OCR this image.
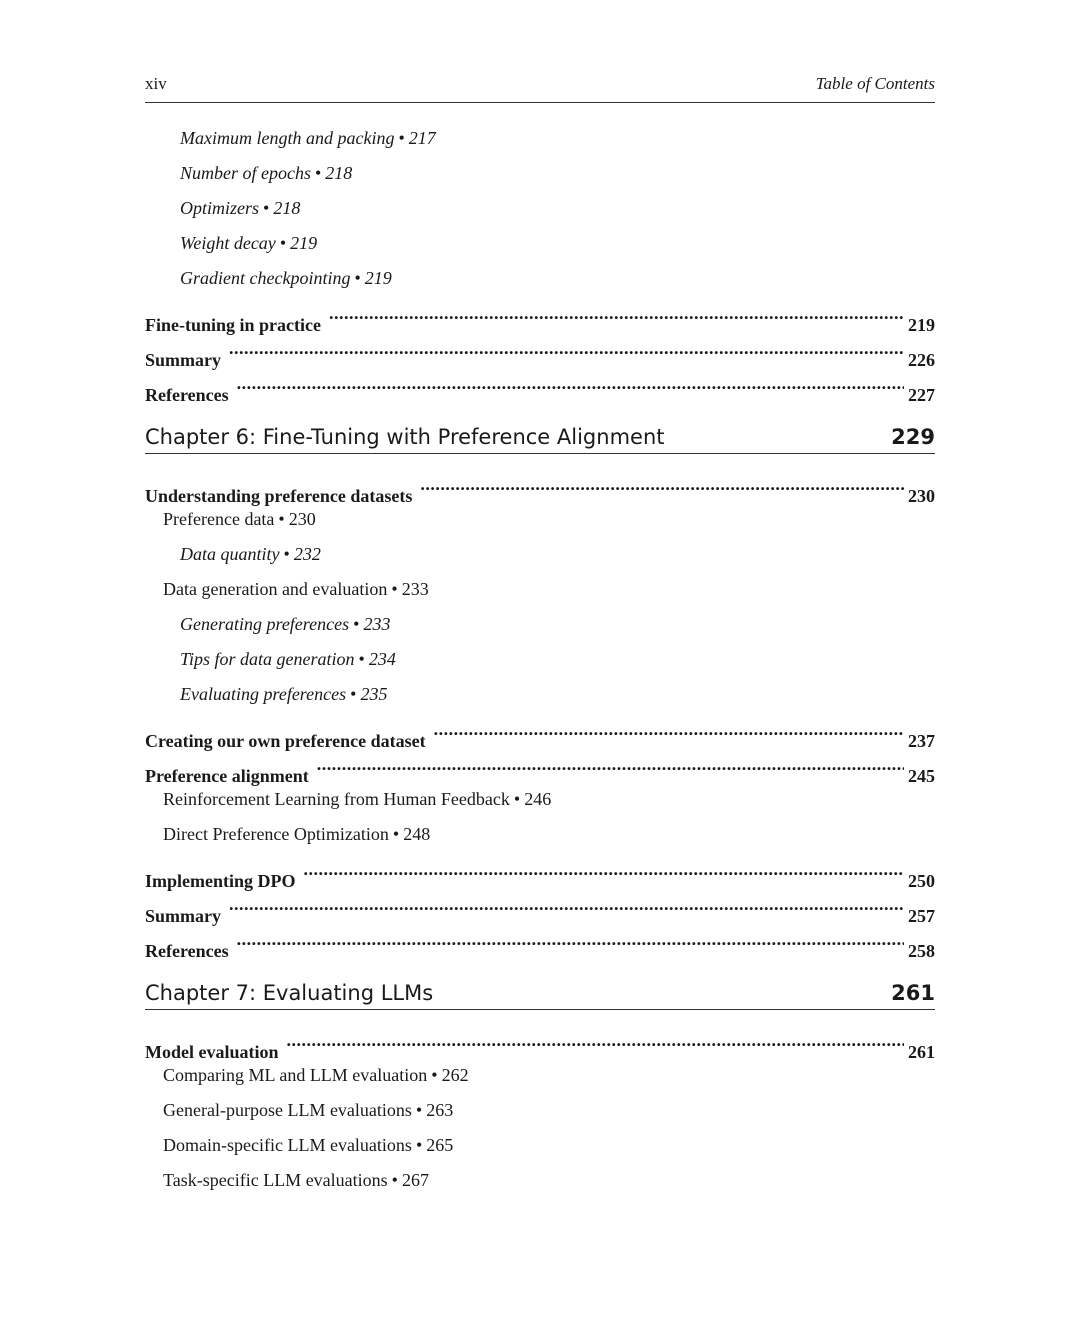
xiv	Table of Contents
Maximum length and packing • 217
Number of epochs • 218
Optimizers • 218
Weight decay • 219
Gradient checkpointing • 219
Fine-tuning in practice .....	219
Summary .....	226
References .....	227
Chapter 6: Fine-Tuning with Preference Alignment	229
Understanding preference datasets .....	230
Preference data • 230
Data quantity • 232
Data generation and evaluation • 233
Generating preferences • 233
Tips for data generation • 234
Evaluating preferences • 235
Creating our own preference dataset .....	237
Preference alignment .....	245
Reinforcement Learning from Human Feedback • 246
Direct Preference Optimization • 248
Implementing DPO .....	250
Summary .....	257
References .....	258
Chapter 7: Evaluating LLMs	261
Model evaluation .....	261
Comparing ML and LLM evaluation • 262
General-purpose LLM evaluations • 263
Domain-specific LLM evaluations • 265
Task-specific LLM evaluations • 267
